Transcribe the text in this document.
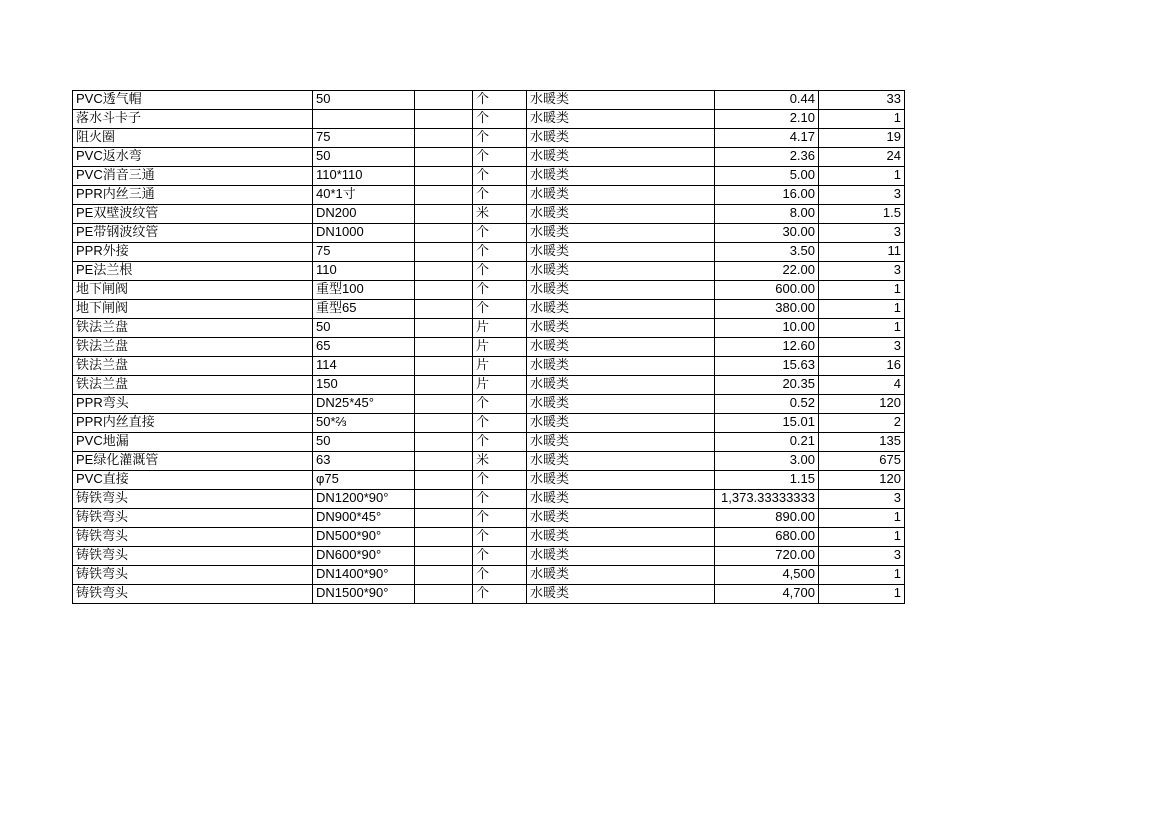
PVC透气帽	50		个	水暖类	0.44	33
落水斗卡子			个	水暖类	2.10	1
阻火圈	75		个	水暖类	4.17	19
PVC返水弯	50		个	水暖类	2.36	24
PVC消音三通	110*110		个	水暖类	5.00	1
PPR内丝三通	40*1寸		个	水暖类	16.00	3
PE双壁波纹管	DN200		米	水暖类	8.00	1.5
PE带钢波纹管	DN1000		个	水暖类	30.00	3
PPR外接	75		个	水暖类	3.50	11
PE法兰根	110		个	水暖类	22.00	3
地下闸阀	重型100		个	水暖类	600.00	1
地下闸阀	重型65		个	水暖类	380.00	1
铁法兰盘	50		片	水暖类	10.00	1
铁法兰盘	65		片	水暖类	12.60	3
铁法兰盘	114		片	水暖类	15.63	16
铁法兰盘	150		片	水暖类	20.35	4
PPR弯头	DN25*45°		个	水暖类	0.52	120
PPR内丝直接	50*⅔		个	水暖类	15.01	2
PVC地漏	50		个	水暖类	0.21	135
PE绿化灌溉管	63		米	水暖类	3.00	675
PVC直接	φ75		个	水暖类	1.15	120
铸铁弯头	DN1200*90°		个	水暖类	1,373.33333333	3
铸铁弯头	DN900*45°		个	水暖类	890.00	1
铸铁弯头	DN500*90°		个	水暖类	680.00	1
铸铁弯头	DN600*90°		个	水暖类	720.00	3
铸铁弯头	DN1400*90°		个	水暖类	4,500	1
铸铁弯头	DN1500*90°		个	水暖类	4,700	1
